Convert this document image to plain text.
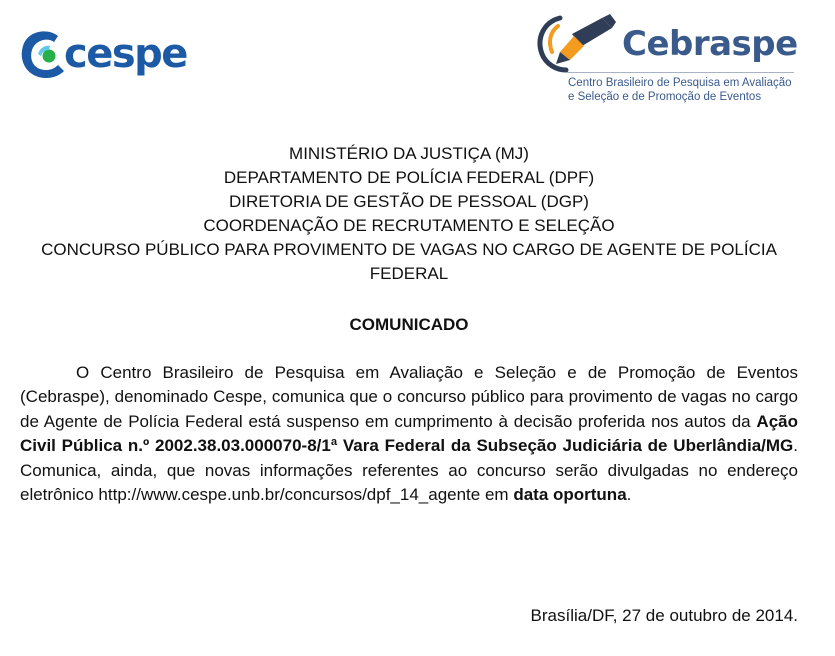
cespe	Cebraspe
Centro Brasileiro de Pesquisa em Avaliação
e Seleção e de Promoção de Eventos
MINISTÉRIO DA JUSTIÇA (MJ)
DEPARTAMENTO DE POLÍCIA FEDERAL (DPF)
DIRETORIA DE GESTÃO DE PESSOAL (DGP)
COORDENAÇÃO DE RECRUTAMENTO E SELEÇÃO
CONCURSO PÚBLICO PARA PROVIMENTO DE VAGAS NO CARGO DE AGENTE DE POLÍCIA FEDERAL
COMUNICADO
O Centro Brasileiro de Pesquisa em Avaliação e Seleção e de Promoção de Eventos (Cebraspe), denominado Cespe, comunica que o concurso público para provimento de vagas no cargo de Agente de Polícia Federal está suspenso em cumprimento à decisão proferida nos autos da Ação Civil Pública n.º 2002.38.03.000070-8/1ª Vara Federal da Subseção Judiciária de Uberlândia/MG. Comunica, ainda, que novas informações referentes ao concurso serão divulgadas no endereço eletrônico http://www.cespe.unb.br/concursos/dpf_14_agente em data oportuna.
Brasília/DF, 27 de outubro de 2014.
